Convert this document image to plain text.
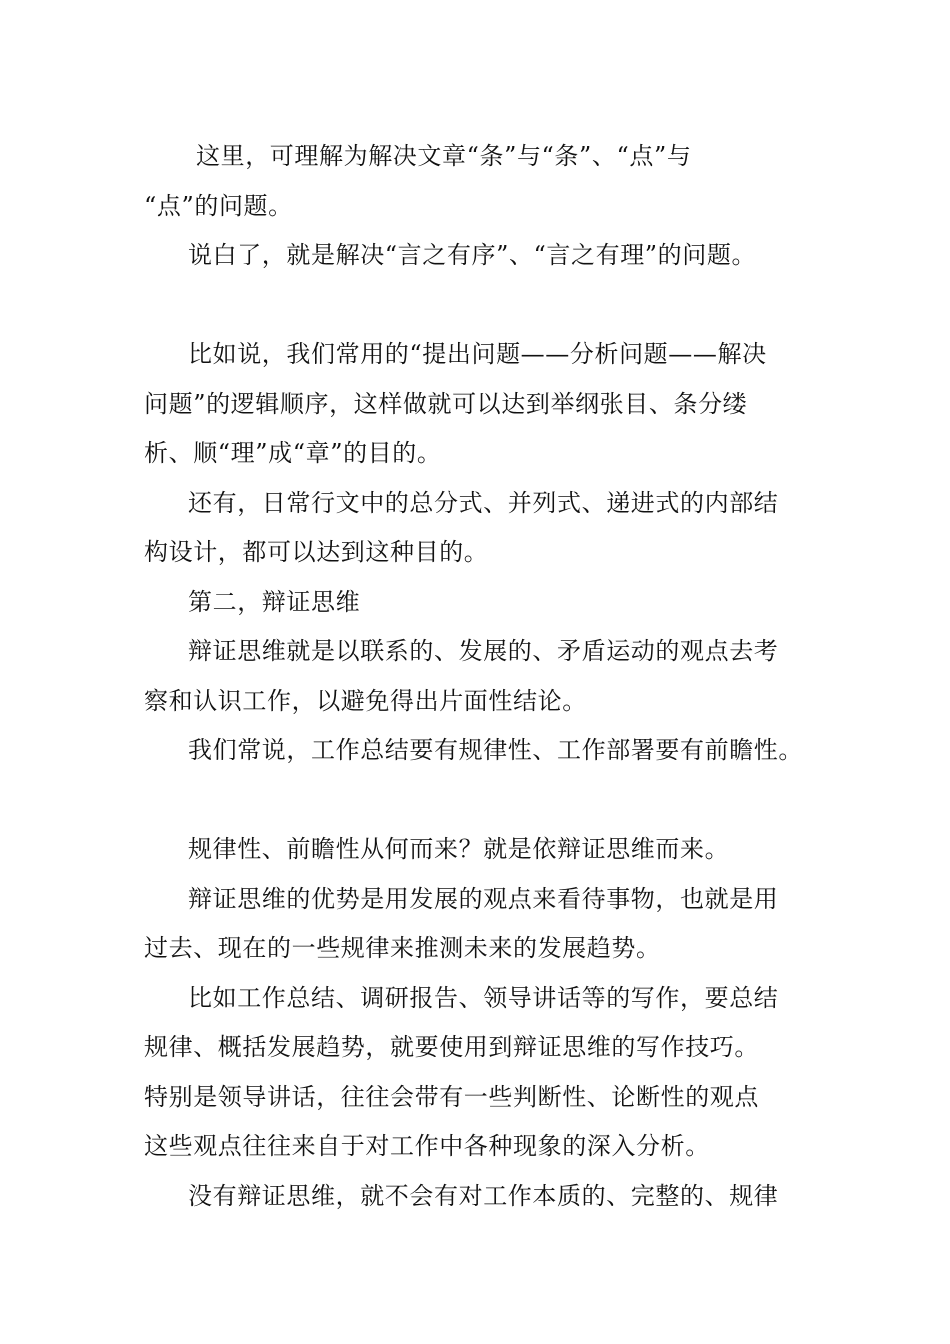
这里，可理解为解决文章“条”与“条”、“点”与

“点”的问题。

说白了，就是解决“言之有序”、“言之有理”的问题。

比如说，我们常用的“提出问题——分析问题——解决

问题”的逻辑顺序，这样做就可以达到举纲张目、条分缕

析、顺“理”成“章”的目的。

还有，日常行文中的总分式、并列式、递进式的内部结

构设计，都可以达到这种目的。

第二，辩证思维

辩证思维就是以联系的、发展的、矛盾运动的观点去考

察和认识工作，以避免得出片面性结论。

我们常说，工作总结要有规律性、工作部署要有前瞻性。

规律性、前瞻性从何而来？就是依辩证思维而来。

辩证思维的优势是用发展的观点来看待事物，也就是用

过去、现在的一些规律来推测未来的发展趋势。

比如工作总结、调研报告、领导讲话等的写作，要总结

规律、概括发展趋势，就要使用到辩证思维的写作技巧。

特别是领导讲话，往往会带有一些判断性、论断性的观点

这些观点往往来自于对工作中各种现象的深入分析。

没有辩证思维，就不会有对工作本质的、完整的、规律
